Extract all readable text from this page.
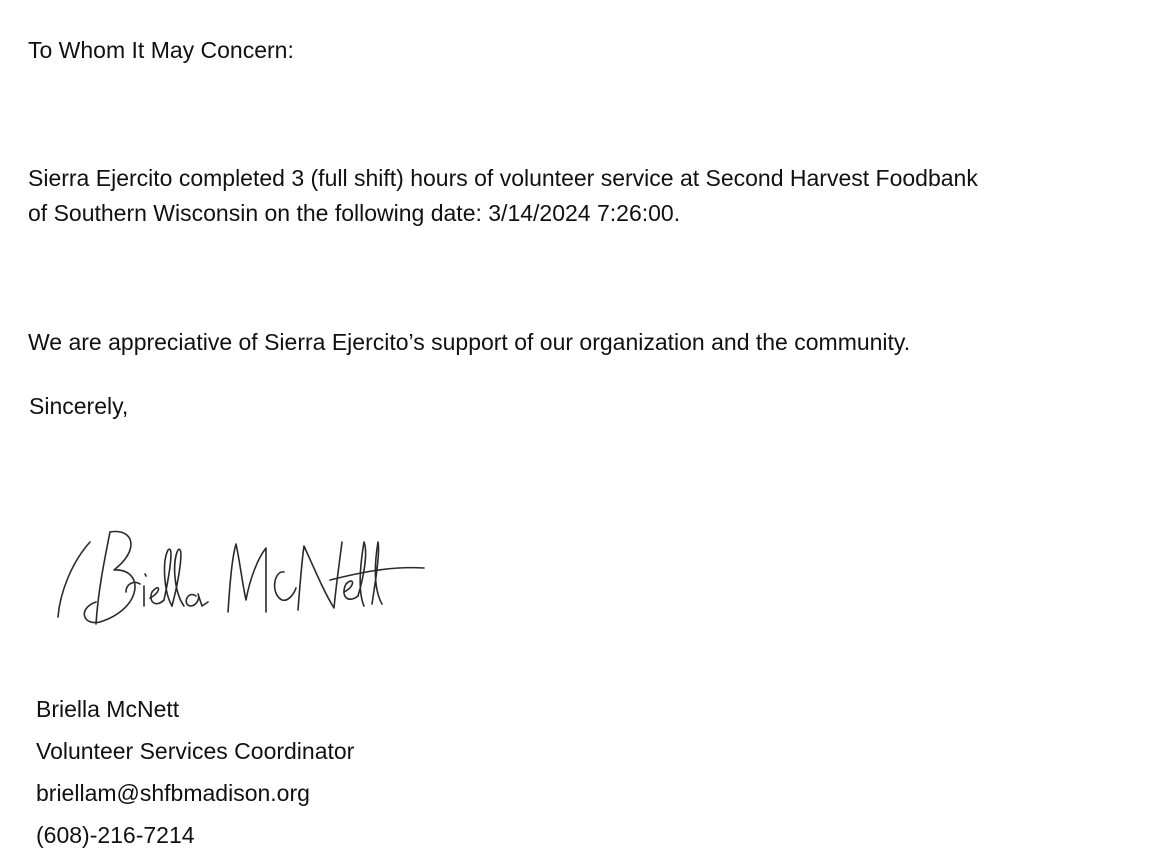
To Whom It May Concern:

Sierra Ejercito completed 3 (full shift) hours of volunteer service at Second Harvest Foodbank

of Southern Wisconsin on the following date: 3/14/2024 7:26:00.

We are appreciative of Sierra Ejercito’s support of our organization and the community.

Sincerely,

Briella McNett

Volunteer Services Coordinator

briellam@shfbmadison.org

(608)-216-7214
